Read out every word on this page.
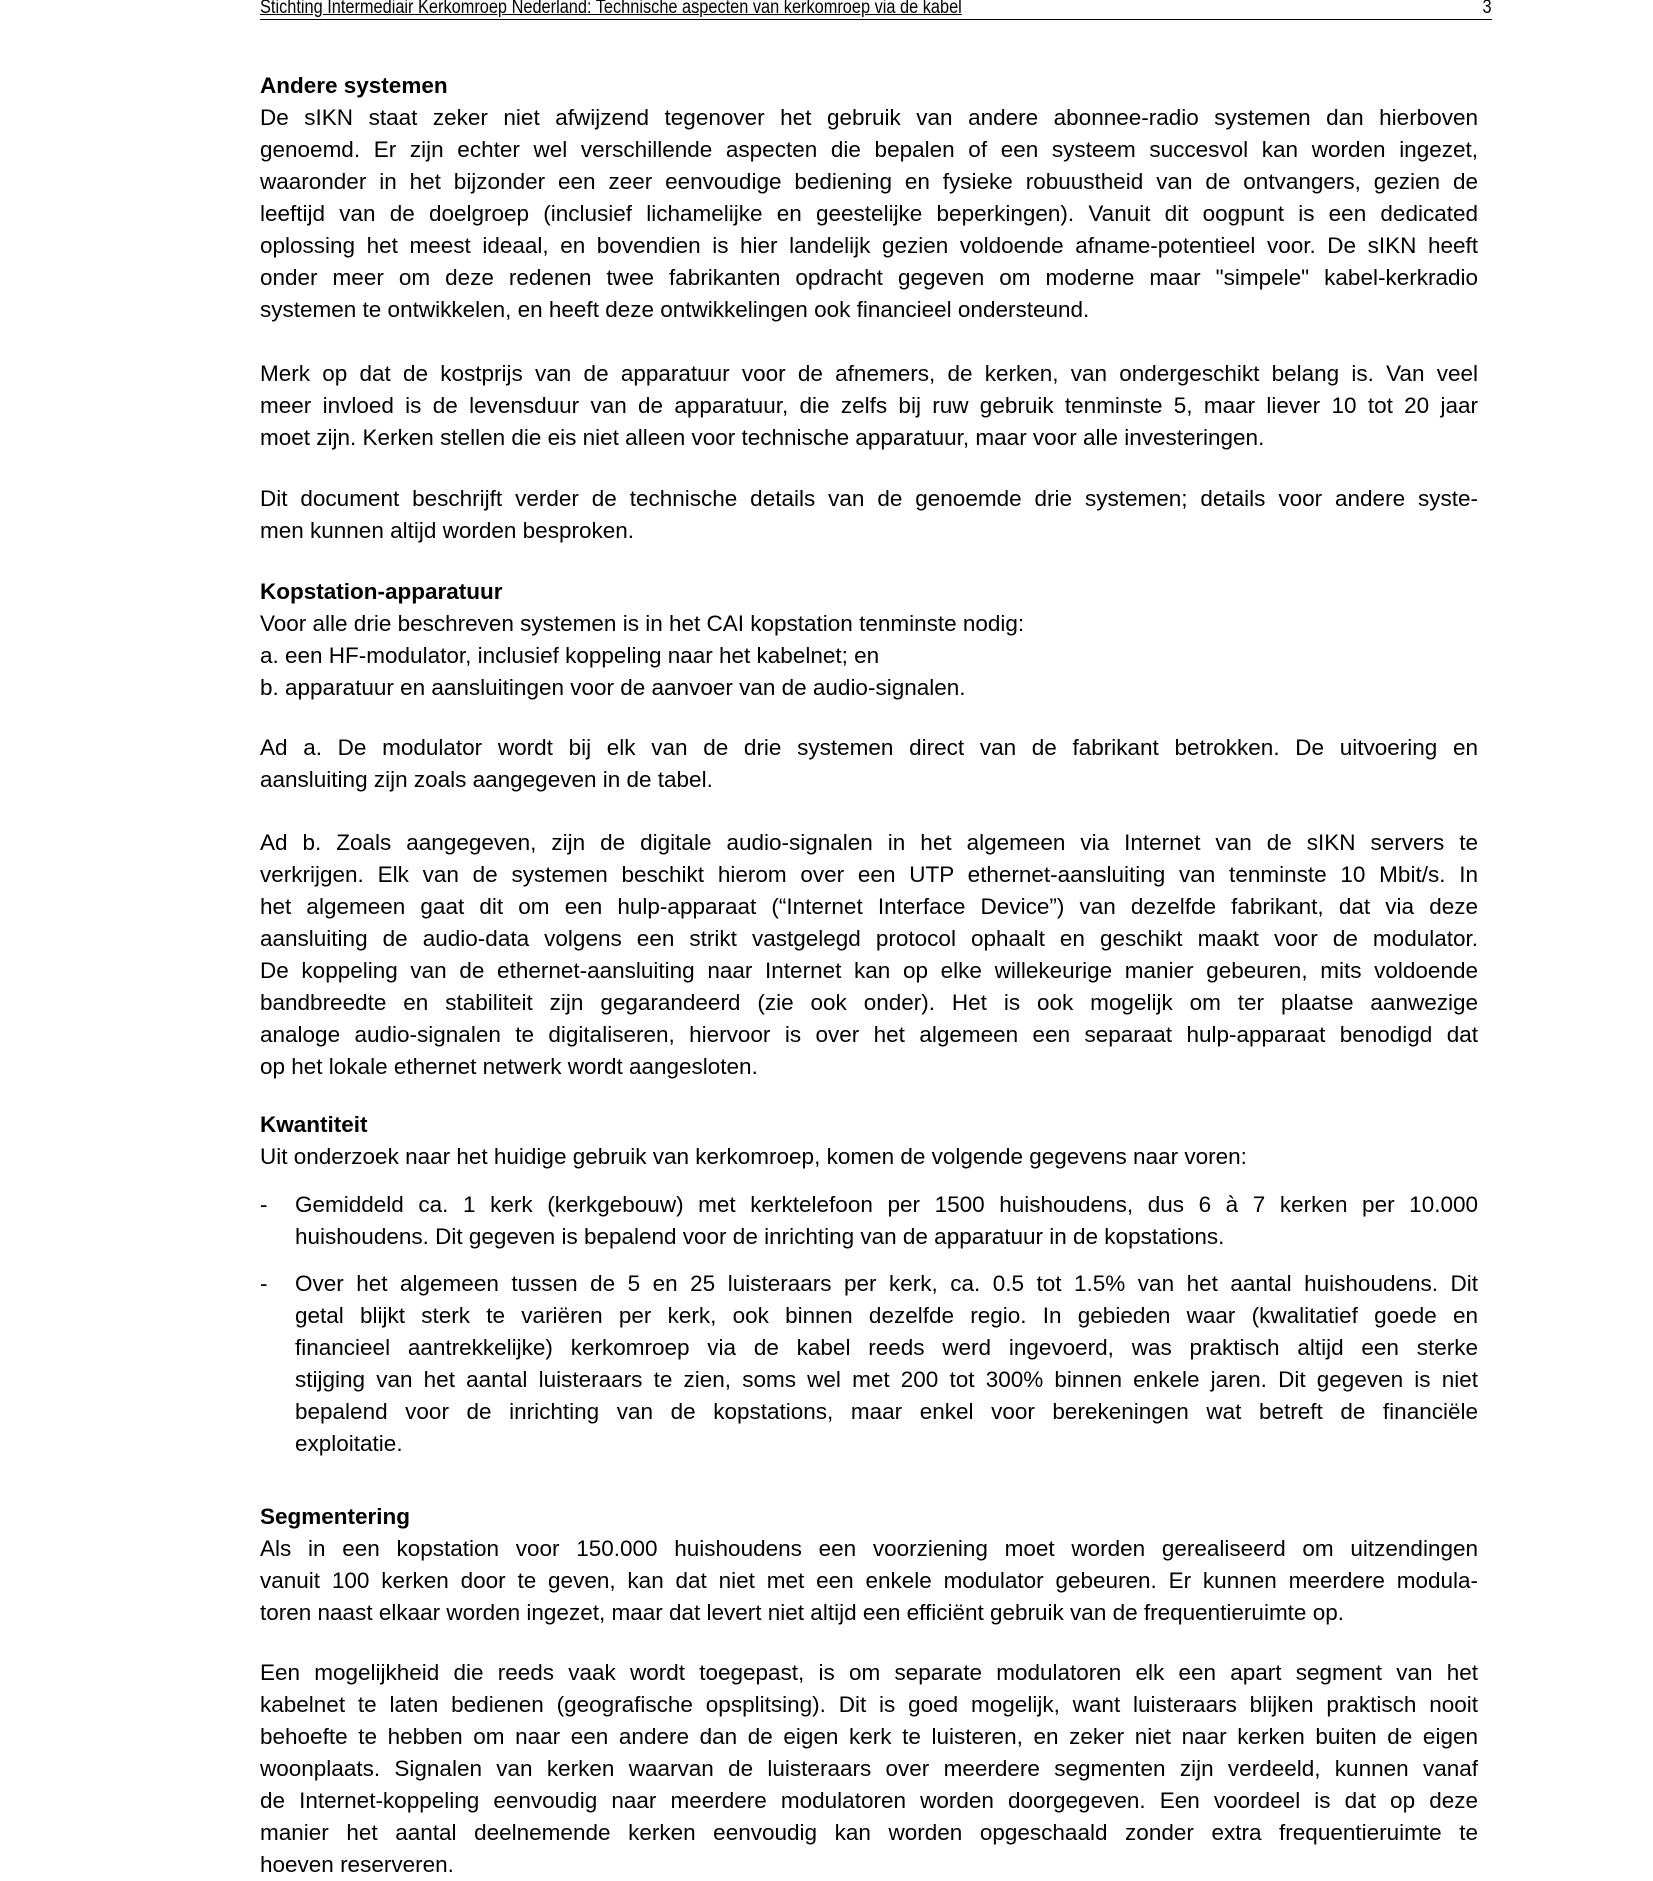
Stichting Intermediair Kerkomroep Nederland: Technische aspecten van kerkomroep via de kabel	3
Andere systemen
De sIKN staat zeker niet afwijzend tegenover het gebruik van andere abonnee-radio systemen dan hierboven
genoemd. Er zijn echter wel verschillende aspecten die bepalen of een systeem succesvol kan worden ingezet,
waaronder in het bijzonder een zeer eenvoudige bediening en fysieke robuustheid van de ontvangers, gezien de
leeftijd van de doelgroep (inclusief lichamelijke en geestelijke beperkingen). Vanuit dit oogpunt is een dedicated
oplossing het meest ideaal, en bovendien is hier landelijk gezien voldoende afname-potentieel voor. De sIKN heeft
onder meer om deze redenen twee fabrikanten opdracht gegeven om moderne maar "simpele" kabel-kerkradio
systemen te ontwikkelen, en heeft deze ontwikkelingen ook financieel ondersteund.
Merk op dat de kostprijs van de apparatuur voor de afnemers, de kerken, van ondergeschikt belang is. Van veel
meer invloed is de levensduur van de apparatuur, die zelfs bij ruw gebruik tenminste 5, maar liever 10 tot 20 jaar
moet zijn. Kerken stellen die eis niet alleen voor technische apparatuur, maar voor alle investeringen.
Dit document beschrijft verder de technische details van de genoemde drie systemen; details voor andere syste-
men kunnen altijd worden besproken.
Kopstation-apparatuur
Voor alle drie beschreven systemen is in het CAI kopstation tenminste nodig:
a. een HF-modulator, inclusief koppeling naar het kabelnet; en
b. apparatuur en aansluitingen voor de aanvoer van de audio-signalen.
Ad a. De modulator wordt bij elk van de drie systemen direct van de fabrikant betrokken. De uitvoering en
aansluiting zijn zoals aangegeven in de tabel.
Ad b. Zoals aangegeven, zijn de digitale audio-signalen in het algemeen via Internet van de sIKN servers te
verkrijgen. Elk van de systemen beschikt hierom over een UTP ethernet-aansluiting van tenminste 10 Mbit/s. In
het algemeen gaat dit om een hulp-apparaat (“Internet Interface Device”) van dezelfde fabrikant, dat via deze
aansluiting de audio-data volgens een strikt vastgelegd protocol ophaalt en geschikt maakt voor de modulator.
De koppeling van de ethernet-aansluiting naar Internet kan op elke willekeurige manier gebeuren, mits voldoende
bandbreedte en stabiliteit zijn gegarandeerd (zie ook onder). Het is ook mogelijk om ter plaatse aanwezige
analoge audio-signalen te digitaliseren, hiervoor is over het algemeen een separaat hulp-apparaat benodigd dat
op het lokale ethernet netwerk wordt aangesloten.
Kwantiteit
Uit onderzoek naar het huidige gebruik van kerkomroep, komen de volgende gegevens naar voren:
- Gemiddeld ca. 1 kerk (kerkgebouw) met kerktelefoon per 1500 huishoudens, dus 6 à 7 kerken per 10.000
huishoudens. Dit gegeven is bepalend voor de inrichting van de apparatuur in de kopstations.
- Over het algemeen tussen de 5 en 25 luisteraars per kerk, ca. 0.5 tot 1.5% van het aantal huishoudens. Dit
getal blijkt sterk te variëren per kerk, ook binnen dezelfde regio. In gebieden waar (kwalitatief goede en
financieel aantrekkelijke) kerkomroep via de kabel reeds werd ingevoerd, was praktisch altijd een sterke
stijging van het aantal luisteraars te zien, soms wel met 200 tot 300% binnen enkele jaren. Dit gegeven is niet
bepalend voor de inrichting van de kopstations, maar enkel voor berekeningen wat betreft de financiële
exploitatie.
Segmentering
Als in een kopstation voor 150.000 huishoudens een voorziening moet worden gerealiseerd om uitzendingen
vanuit 100 kerken door te geven, kan dat niet met een enkele modulator gebeuren. Er kunnen meerdere modula-
toren naast elkaar worden ingezet, maar dat levert niet altijd een efficiënt gebruik van de frequentieruimte op.
Een mogelijkheid die reeds vaak wordt toegepast, is om separate modulatoren elk een apart segment van het
kabelnet te laten bedienen (geografische opsplitsing). Dit is goed mogelijk, want luisteraars blijken praktisch nooit
behoefte te hebben om naar een andere dan de eigen kerk te luisteren, en zeker niet naar kerken buiten de eigen
woonplaats. Signalen van kerken waarvan de luisteraars over meerdere segmenten zijn verdeeld, kunnen vanaf
de Internet-koppeling eenvoudig naar meerdere modulatoren worden doorgegeven. Een voordeel is dat op deze
manier het aantal deelnemende kerken eenvoudig kan worden opgeschaald zonder extra frequentieruimte te
hoeven reserveren.
